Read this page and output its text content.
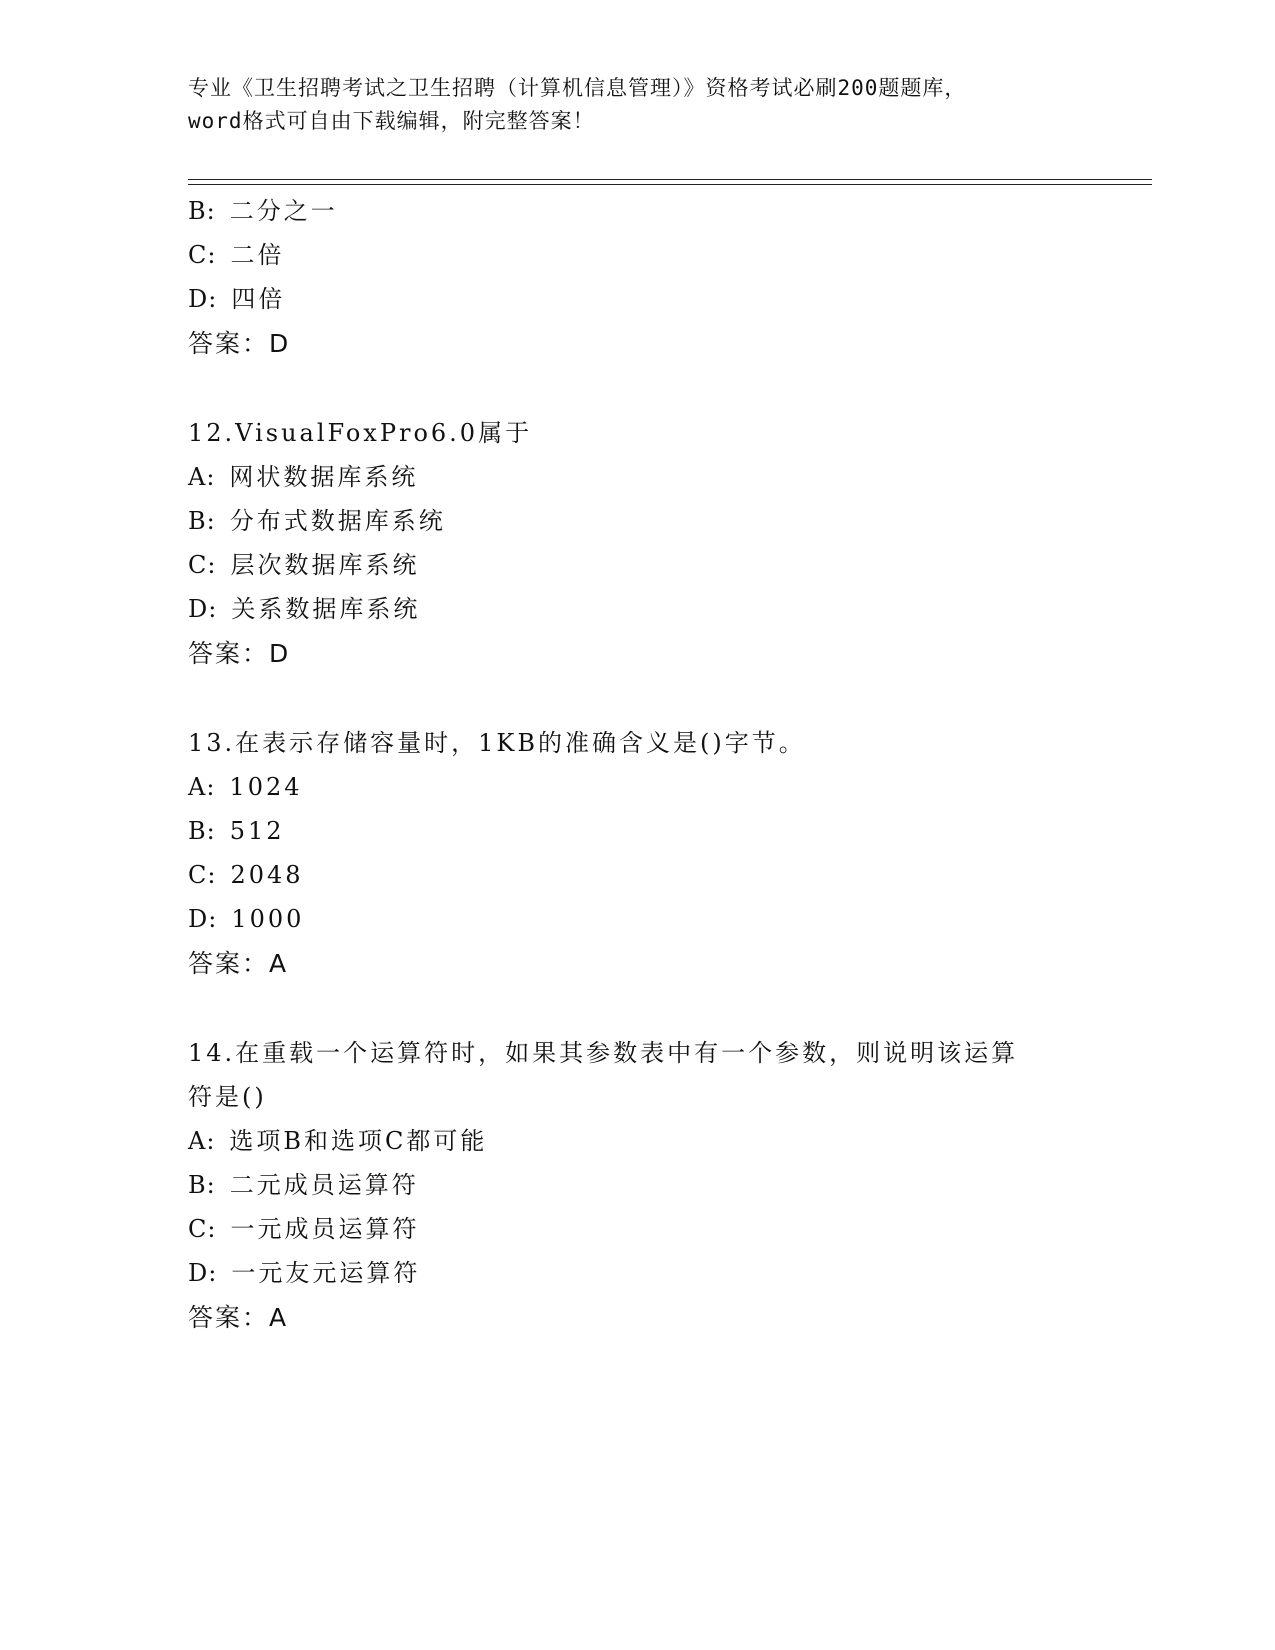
专业《卫生招聘考试之卫生招聘（计算机信息管理）》资格考试必刷200题题库，
word格式可自由下载编辑，附完整答案！
B: 二分之一
C: 二倍
D: 四倍
答案：D
12.VisualFoxPro6.0属于
A: 网状数据库系统
B: 分布式数据库系统
C: 层次数据库系统
D: 关系数据库系统
答案：D
13.在表示存储容量时，1KB的准确含义是()字节。
A: 1024
B: 512
C: 2048
D: 1000
答案：A
14.在重载一个运算符时，如果其参数表中有一个参数，则说明该运算
符是()
A: 选项B和选项C都可能
B: 二元成员运算符
C: 一元成员运算符
D: 一元友元运算符
答案：A
